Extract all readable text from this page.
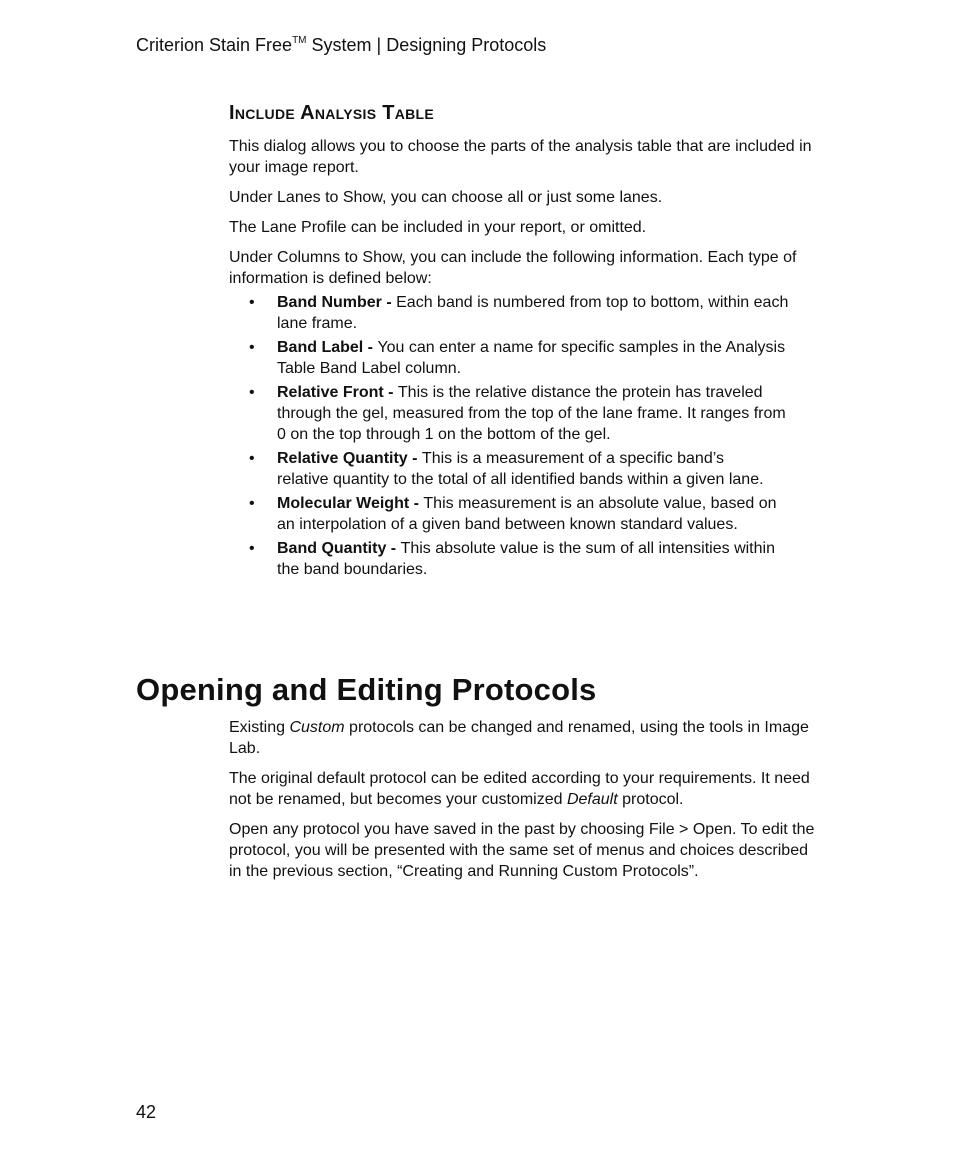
Criterion Stain Free™ System | Designing Protocols
Include Analysis Table

This dialog allows you to choose the parts of the analysis table that are included in your image report.

Under Lanes to Show, you can choose all or just some lanes.

The Lane Profile can be included in your report, or omitted.

Under Columns to Show, you can include the following information. Each type of information is defined below:

• Band Number - Each band is numbered from top to bottom, within each lane frame.
• Band Label - You can enter a name for specific samples in the Analysis Table Band Label column.
• Relative Front - This is the relative distance the protein has traveled through the gel, measured from the top of the lane frame. It ranges from 0 on the top through 1 on the bottom of the gel.
• Relative Quantity - This is a measurement of a specific band’s relative quantity to the total of all identified bands within a given lane.
• Molecular Weight - This measurement is an absolute value, based on an interpolation of a given band between known standard values.
• Band Quantity - This absolute value is the sum of all intensities within the band boundaries.
Opening and Editing Protocols

Existing Custom protocols can be changed and renamed, using the tools in Image Lab.

The original default protocol can be edited according to your requirements. It need not be renamed, but becomes your customized Default protocol.

Open any protocol you have saved in the past by choosing File > Open. To edit the protocol, you will be presented with the same set of menus and choices described in the previous section, “Creating and Running Custom Protocols”.

42
